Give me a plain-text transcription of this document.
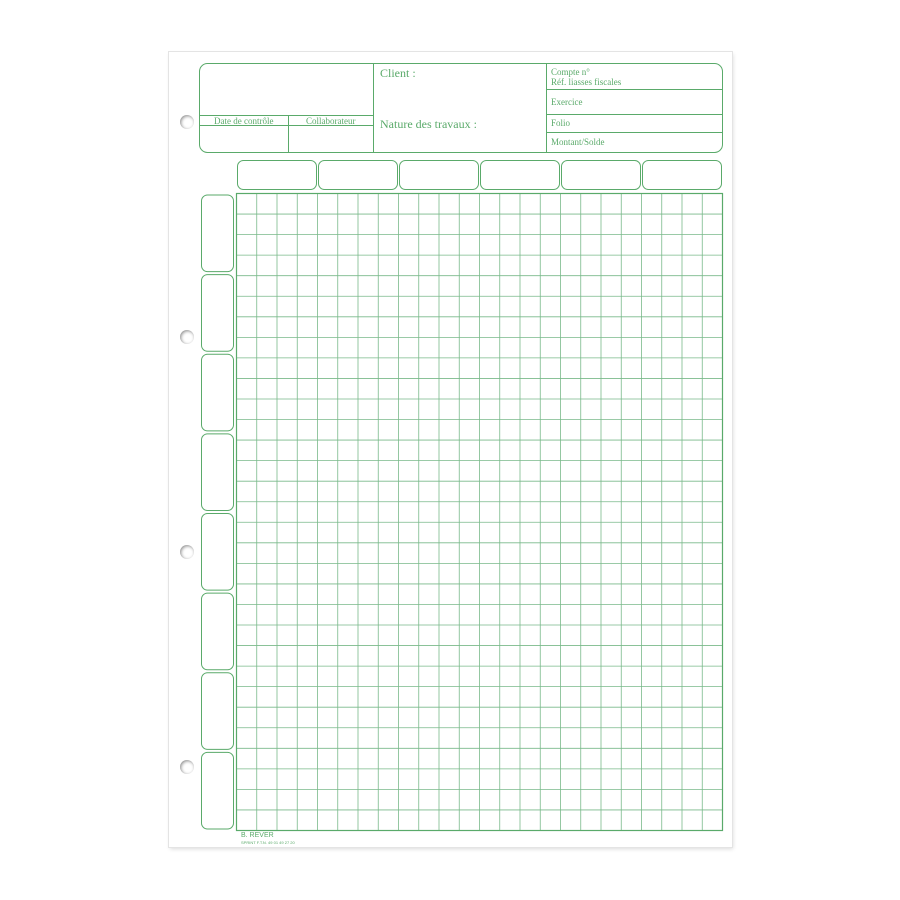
Client :
Nature des travaux :
Date de contrôle	Collaborateur
Compte n°
Réf. liasses fiscales
Exercice
Folio
Montant/Solde
B. REVER
SPRINT F.T.N. 49 01 49 27 20
